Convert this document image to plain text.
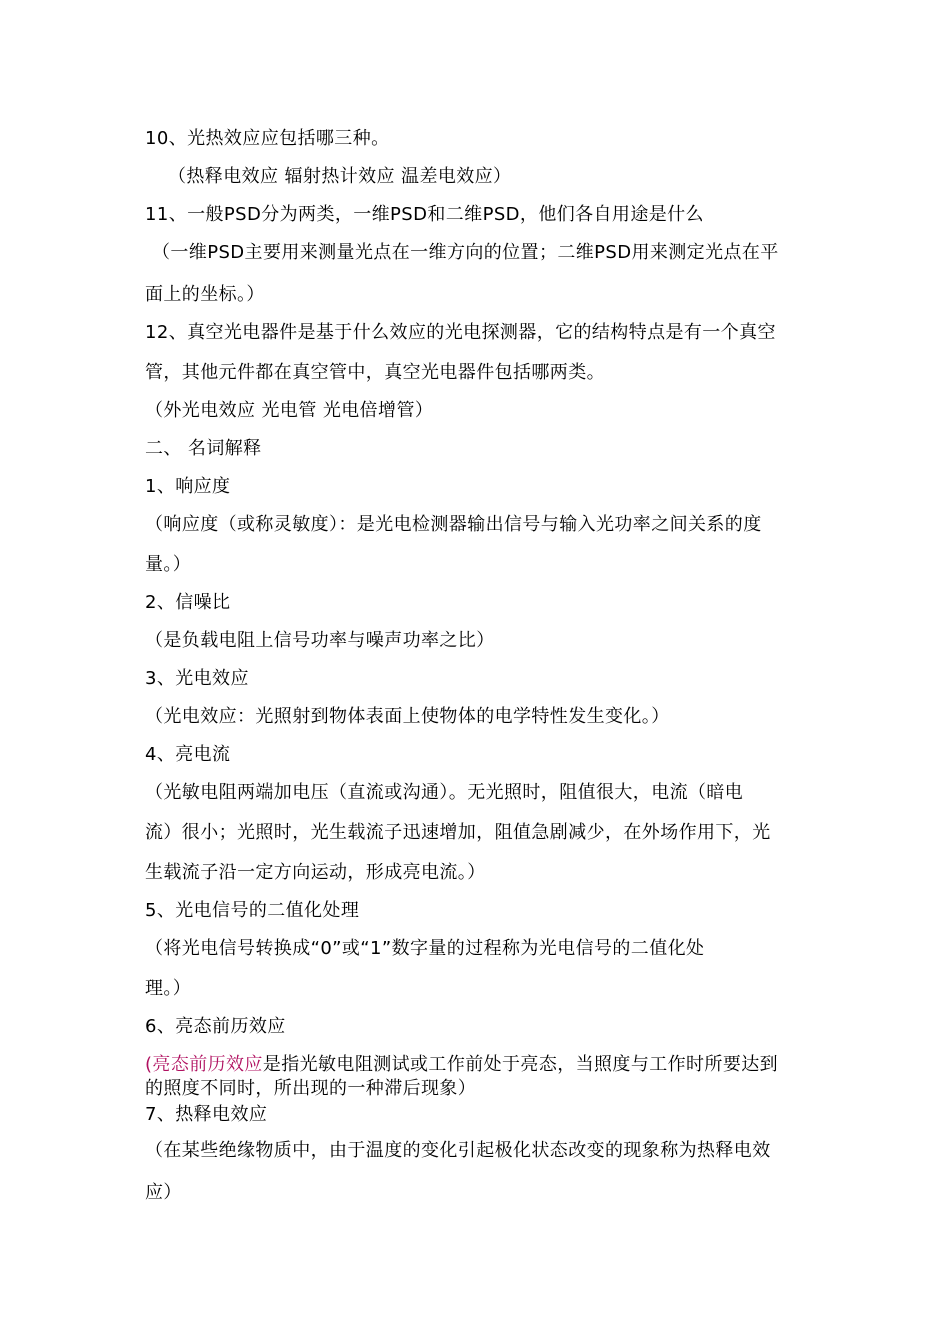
10、光热效应应包括哪三种。
（热释电效应 辐射热计效应 温差电效应）
11、一般PSD分为两类，一维PSD和二维PSD，他们各自用途是什么
（一维PSD主要用来测量光点在一维方向的位置；二维PSD用来测定光点在平
面上的坐标。）
12、真空光电器件是基于什么效应的光电探测器，它的结构特点是有一个真空
管，其他元件都在真空管中，真空光电器件包括哪两类。
（外光电效应 光电管 光电倍增管）
二、 名词解释
1、响应度
（响应度（或称灵敏度）：是光电检测器输出信号与输入光功率之间关系的度
量。）
2、信噪比
（是负载电阻上信号功率与噪声功率之比）
3、光电效应
（光电效应：光照射到物体表面上使物体的电学特性发生变化。）
4、亮电流
（光敏电阻两端加电压（直流或沟通）。无光照时，阻值很大，电流（暗电
流）很小；光照时，光生载流子迅速增加，阻值急剧减少，在外场作用下，光
生载流子沿一定方向运动，形成亮电流。）
5、光电信号的二值化处理
（将光电信号转换成“0”或“1”数字量的过程称为光电信号的二值化处
理。）
6、亮态前历效应
(亮态前历效应是指光敏电阻测试或工作前处于亮态，当照度与工作时所要达到
的照度不同时，所出现的一种滞后现象）
7、热释电效应
（在某些绝缘物质中，由于温度的变化引起极化状态改变的现象称为热释电效
应）
